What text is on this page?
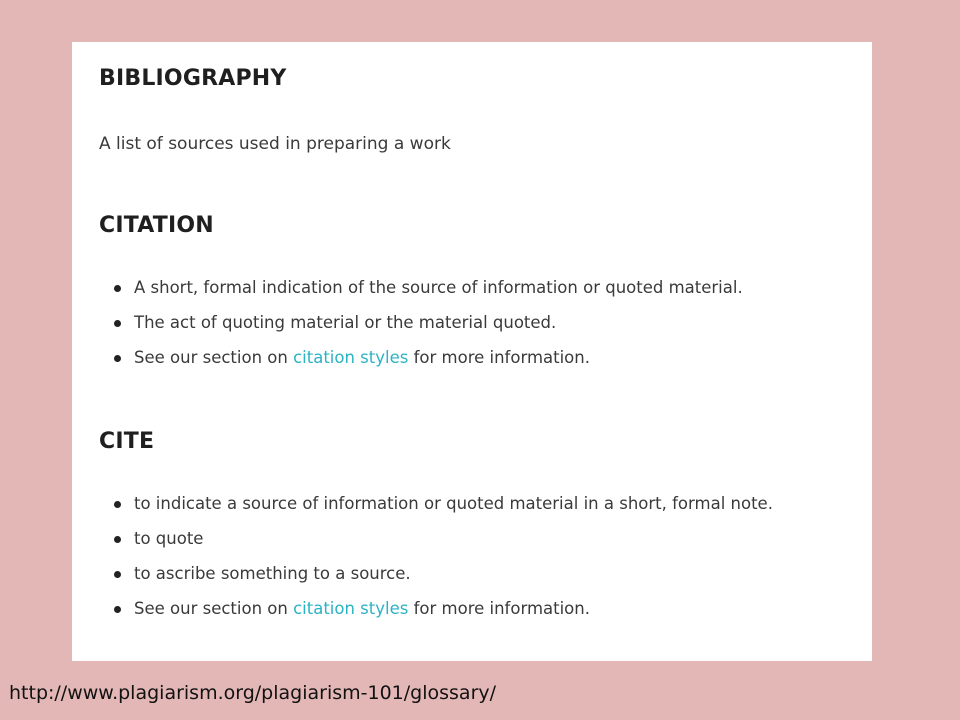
BIBLIOGRAPHY

A list of sources used in preparing a work

CITATION
A short, formal indication of the source of information or quoted material.
The act of quoting material or the material quoted.
See our section on citation styles for more information.
CITE
to indicate a source of information or quoted material in a short, formal note.
to quote
to ascribe something to a source.
See our section on citation styles for more information.
http://www.plagiarism.org/plagiarism-101/glossary/
